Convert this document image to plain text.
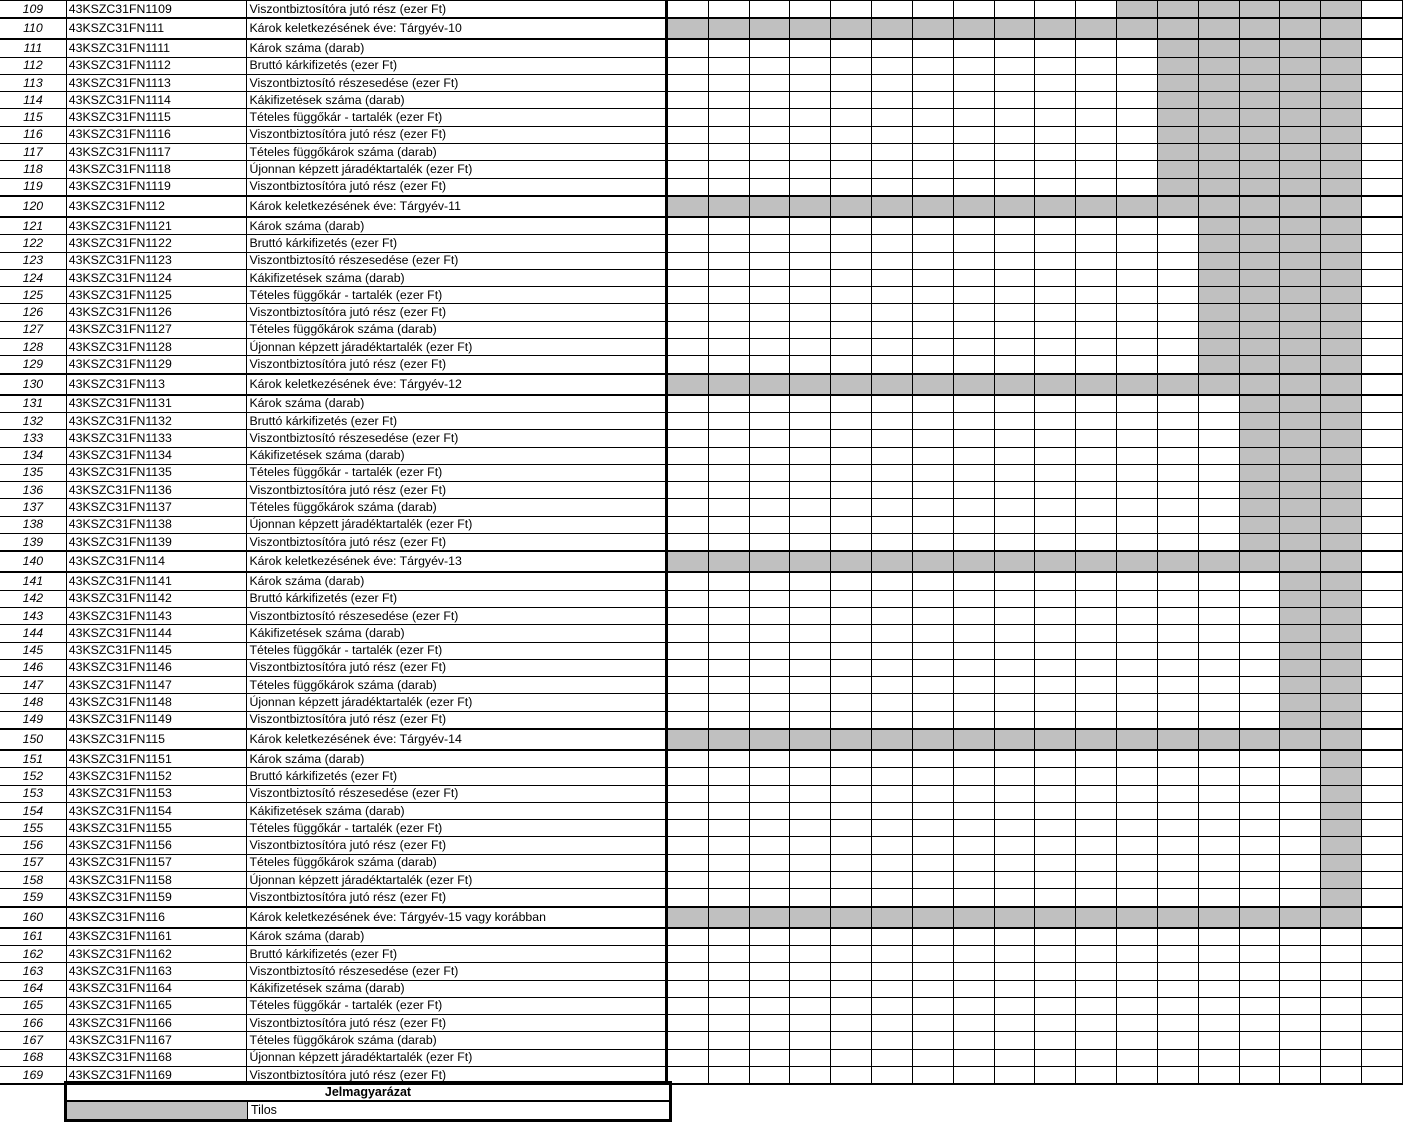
109	43KSZC31FN1109	Viszontbiztosítóra jutó rész (ezer Ft)																		
110	43KSZC31FN111	Károk keletkezésének éve: Tárgyév-10																		
111	43KSZC31FN1111	Károk száma (darab)																		
112	43KSZC31FN1112	Bruttó kárkifizetés (ezer Ft)																		
113	43KSZC31FN1113	Viszontbiztosító részesedése (ezer Ft)																		
114	43KSZC31FN1114	Kákifizetések száma (darab)																		
115	43KSZC31FN1115	Tételes függőkár - tartalék (ezer Ft)																		
116	43KSZC31FN1116	Viszontbiztosítóra jutó rész (ezer Ft)																		
117	43KSZC31FN1117	Tételes függőkárok száma (darab)																		
118	43KSZC31FN1118	Újonnan képzett járadéktartalék (ezer Ft)																		
119	43KSZC31FN1119	Viszontbiztosítóra jutó rész (ezer Ft)																		
120	43KSZC31FN112	Károk keletkezésének éve: Tárgyév-11																		
121	43KSZC31FN1121	Károk száma (darab)																		
122	43KSZC31FN1122	Bruttó kárkifizetés (ezer Ft)																		
123	43KSZC31FN1123	Viszontbiztosító részesedése (ezer Ft)																		
124	43KSZC31FN1124	Kákifizetések száma (darab)																		
125	43KSZC31FN1125	Tételes függőkár - tartalék (ezer Ft)																		
126	43KSZC31FN1126	Viszontbiztosítóra jutó rész (ezer Ft)																		
127	43KSZC31FN1127	Tételes függőkárok száma (darab)																		
128	43KSZC31FN1128	Újonnan képzett járadéktartalék (ezer Ft)																		
129	43KSZC31FN1129	Viszontbiztosítóra jutó rész (ezer Ft)																		
130	43KSZC31FN113	Károk keletkezésének éve: Tárgyév-12																		
131	43KSZC31FN1131	Károk száma (darab)																		
132	43KSZC31FN1132	Bruttó kárkifizetés (ezer Ft)																		
133	43KSZC31FN1133	Viszontbiztosító részesedése (ezer Ft)																		
134	43KSZC31FN1134	Kákifizetések száma (darab)																		
135	43KSZC31FN1135	Tételes függőkár - tartalék (ezer Ft)																		
136	43KSZC31FN1136	Viszontbiztosítóra jutó rész (ezer Ft)																		
137	43KSZC31FN1137	Tételes függőkárok száma (darab)																		
138	43KSZC31FN1138	Újonnan képzett járadéktartalék (ezer Ft)																		
139	43KSZC31FN1139	Viszontbiztosítóra jutó rész (ezer Ft)																		
140	43KSZC31FN114	Károk keletkezésének éve: Tárgyév-13																		
141	43KSZC31FN1141	Károk száma (darab)																		
142	43KSZC31FN1142	Bruttó kárkifizetés (ezer Ft)																		
143	43KSZC31FN1143	Viszontbiztosító részesedése (ezer Ft)																		
144	43KSZC31FN1144	Kákifizetések száma (darab)																		
145	43KSZC31FN1145	Tételes függőkár - tartalék (ezer Ft)																		
146	43KSZC31FN1146	Viszontbiztosítóra jutó rész (ezer Ft)																		
147	43KSZC31FN1147	Tételes függőkárok száma (darab)																		
148	43KSZC31FN1148	Újonnan képzett járadéktartalék (ezer Ft)																		
149	43KSZC31FN1149	Viszontbiztosítóra jutó rész (ezer Ft)																		
150	43KSZC31FN115	Károk keletkezésének éve: Tárgyév-14																		
151	43KSZC31FN1151	Károk száma (darab)																		
152	43KSZC31FN1152	Bruttó kárkifizetés (ezer Ft)																		
153	43KSZC31FN1153	Viszontbiztosító részesedése (ezer Ft)																		
154	43KSZC31FN1154	Kákifizetések száma (darab)																		
155	43KSZC31FN1155	Tételes függőkár - tartalék (ezer Ft)																		
156	43KSZC31FN1156	Viszontbiztosítóra jutó rész (ezer Ft)																		
157	43KSZC31FN1157	Tételes függőkárok száma (darab)																		
158	43KSZC31FN1158	Újonnan képzett járadéktartalék (ezer Ft)																		
159	43KSZC31FN1159	Viszontbiztosítóra jutó rész (ezer Ft)																		
160	43KSZC31FN116	Károk keletkezésének éve: Tárgyév-15 vagy korábban																		
161	43KSZC31FN1161	Károk száma (darab)																		
162	43KSZC31FN1162	Bruttó kárkifizetés (ezer Ft)																		
163	43KSZC31FN1163	Viszontbiztosító részesedése (ezer Ft)																		
164	43KSZC31FN1164	Kákifizetések száma (darab)																		
165	43KSZC31FN1165	Tételes függőkár - tartalék (ezer Ft)																		
166	43KSZC31FN1166	Viszontbiztosítóra jutó rész (ezer Ft)																		
167	43KSZC31FN1167	Tételes függőkárok száma (darab)																		
168	43KSZC31FN1168	Újonnan képzett járadéktartalék (ezer Ft)																		
169	43KSZC31FN1169	Viszontbiztosítóra jutó rész (ezer Ft)																		
Jelmagyarázat
Tilos
